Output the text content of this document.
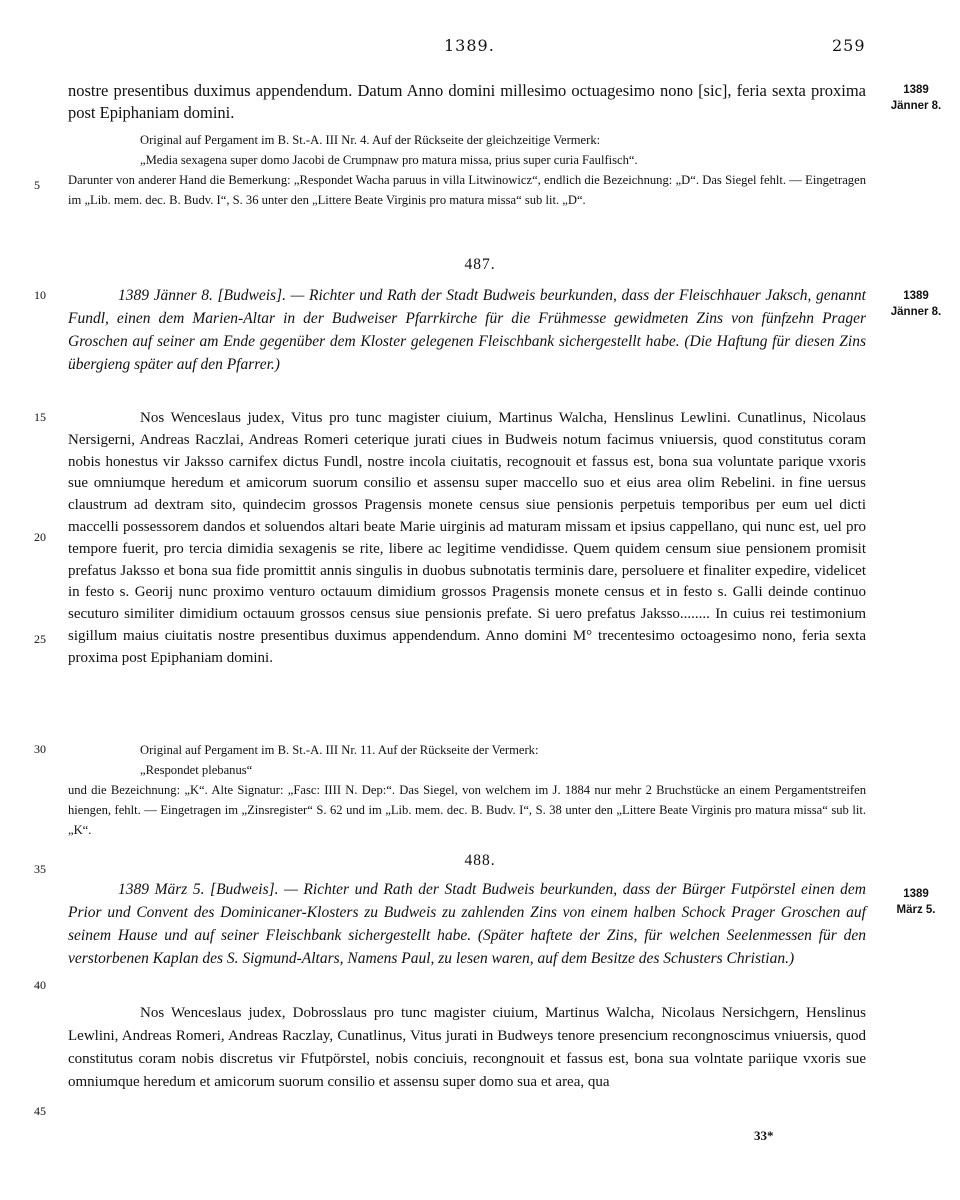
1389.	259
5
10
15
20
25
30
35
40
45
1389
Jänner 8.
1389
Jänner 8.
1389
März 5.

nostre presentibus duximus appendendum. Datum Anno domini millesimo octuagesimo nono [sic], feria sexta proxima post Epiphaniam domini.

Original auf Pergament im B. St.-A. III Nr. 4. Auf der Rückseite der gleichzeitige Vermerk:

„Media sexagena super domo Jacobi de Crumpnaw pro matura missa, prius super curia Faulfisch“.

Darunter von anderer Hand die Bemerkung: „Respondet Wacha paruus in villa Litwinowicz“, endlich die Bezeichnung: „D“. Das Siegel fehlt. — Eingetragen im „Lib. mem. dec. B. Budv. I“, S. 36 unter den „Littere Beate Virginis pro matura missa“ sub lit. „D“.

487.

1389 Jänner 8. [Budweis]. — Richter und Rath der Stadt Budweis beurkunden, dass der Fleischhauer Jaksch, genannt Fundl, einen dem Marien-Altar in der Budweiser Pfarrkirche für die Frühmesse gewidmeten Zins von fünfzehn Prager Groschen auf seiner am Ende gegenüber dem Kloster gelegenen Fleischbank sichergestellt habe. (Die Haftung für diesen Zins übergieng später auf den Pfarrer.)

Nos Wenceslaus judex, Vitus pro tunc magister ciuium, Martinus Walcha, Henslinus Lewlini. Cunatlinus, Nicolaus Nersigerni, Andreas Raczlai, Andreas Romeri ceterique jurati ciues in Budweis notum facimus vniuersis, quod constitutus coram nobis honestus vir Jaksso carnifex dictus Fundl, nostre incola ciuitatis, recognouit et fassus est, bona sua voluntate parique vxoris sue omniumque heredum et amicorum suorum consilio et assensu super maccello suo et eius area olim Rebelini. in fine uersus claustrum ad dextram sito, quindecim grossos Pragensis monete census siue pensionis perpetuis temporibus per eum uel dicti maccelli possessorem dandos et soluendos altari beate Marie uirginis ad maturam missam et ipsius cappellano, qui nunc est, uel pro tempore fuerit, pro tercia dimidia sexagenis se rite, libere ac legitime vendidisse. Quem quidem censum siue pensionem promisit prefatus Jaksso et bona sua fide promittit annis singulis in duobus subnotatis terminis dare, persoluere et finaliter expedire, videlicet in festo s. Georij nunc proximo venturo octauum dimidium grossos Pragensis monete census et in festo s. Galli deinde continuo secuturo similiter dimidium octauum grossos census siue pensionis prefate. Si uero prefatus Jaksso........ In cuius rei testimonium sigillum maius ciuitatis nostre presentibus duximus appendendum. Anno domini M° trecentesimo octoagesimo nono, feria sexta proxima post Epiphaniam domini.

Original auf Pergament im B. St.-A. III Nr. 11. Auf der Rückseite der Vermerk:

„Respondet plebanus“

und die Bezeichnung: „K“. Alte Signatur: „Fasc: IIII N. Dep:“. Das Siegel, von welchem im J. 1884 nur mehr 2 Bruchstücke an einem Pergamentstreifen hiengen, fehlt. — Eingetragen im „Zinsregister“ S. 62 und im „Lib. mem. dec. B. Budv. I“, S. 38 unter den „Littere Beate Virginis pro matura missa“ sub lit. „K“.

488.

1389 März 5. [Budweis]. — Richter und Rath der Stadt Budweis beurkunden, dass der Bürger Futpörstel einen dem Prior und Convent des Dominicaner-Klosters zu Budweis zu zahlenden Zins von einem halben Schock Prager Groschen auf seinem Hause und auf seiner Fleischbank sichergestellt habe. (Später haftete der Zins, für welchen Seelenmessen für den verstorbenen Kaplan des S. Sigmund-Altars, Namens Paul, zu lesen waren, auf dem Besitze des Schusters Christian.)

Nos Wenceslaus judex, Dobrosslaus pro tunc magister ciuium, Martinus Walcha, Nicolaus Nersichgern, Henslinus Lewlini, Andreas Romeri, Andreas Raczlay, Cunatlinus, Vitus jurati in Budweys tenore presencium recongnoscimus vniuersis, quod constitutus coram nobis discretus vir Ffutpörstel, nobis conciuis, recongnouit et fassus est, bona sua volntate pariique vxoris sue omniumque heredum et amicorum suorum consilio et assensu super domo sua et area, qua

33*
